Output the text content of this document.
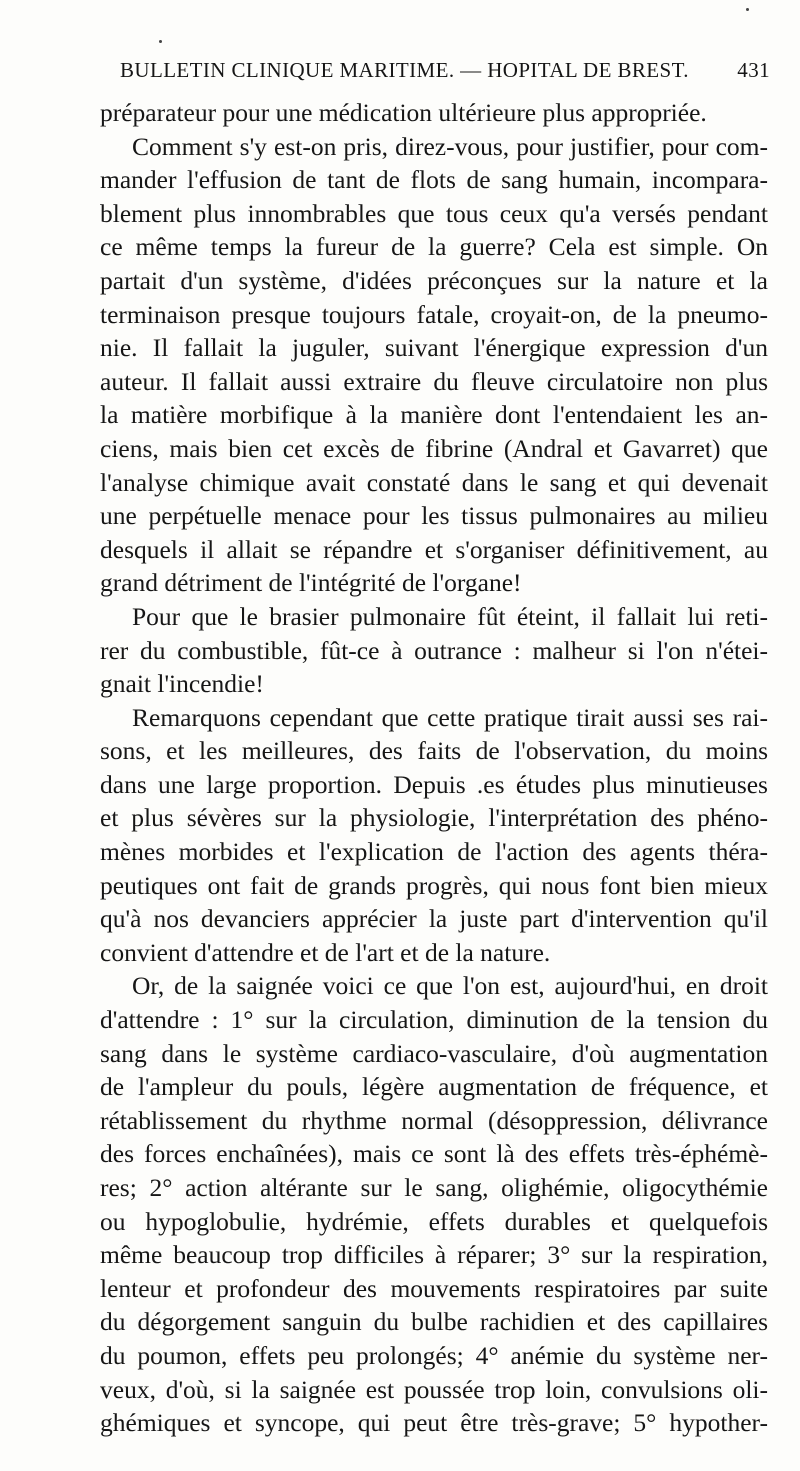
BULLETIN CLINIQUE MARITIME. — HOPITAL DE BREST. 431

préparateur pour une médication ultérieure plus appropriée.

Comment s'y est-on pris, direz-vous, pour justifier, pour com-
mander l'effusion de tant de flots de sang humain, incompara-
blement plus innombrables que tous ceux qu'a versés pendant
ce même temps la fureur de la guerre? Cela est simple. On
partait d'un système, d'idées préconçues sur la nature et la
terminaison presque toujours fatale, croyait-on, de la pneumo-
nie. Il fallait la juguler, suivant l'énergique expression d'un
auteur. Il fallait aussi extraire du fleuve circulatoire non plus
la matière morbifique à la manière dont l'entendaient les an-
ciens, mais bien cet excès de fibrine (Andral et Gavarret) que
l'analyse chimique avait constaté dans le sang et qui devenait
une perpétuelle menace pour les tissus pulmonaires au milieu
desquels il allait se répandre et s'organiser définitivement, au
grand détriment de l'intégrité de l'organe!

Pour que le brasier pulmonaire fût éteint, il fallait lui reti-
rer du combustible, fût-ce à outrance : malheur si l'on n'étei-
gnait l'incendie!

Remarquons cependant que cette pratique tirait aussi ses rai-
sons, et les meilleures, des faits de l'observation, du moins
dans une large proportion. Depuis .es études plus minutieuses
et plus sévères sur la physiologie, l'interprétation des phéno-
mènes morbides et l'explication de l'action des agents théra-
peutiques ont fait de grands progrès, qui nous font bien mieux
qu'à nos devanciers apprécier la juste part d'intervention qu'il
convient d'attendre et de l'art et de la nature.

Or, de la saignée voici ce que l'on est, aujourd'hui, en droit
d'attendre : 1° sur la circulation, diminution de la tension du
sang dans le système cardiaco-vasculaire, d'où augmentation
de l'ampleur du pouls, légère augmentation de fréquence, et
rétablissement du rhythme normal (désoppression, délivrance
des forces enchaînées), mais ce sont là des effets très-éphémè-
res; 2° action altérante sur le sang, olighémie, oligocythémie
ou hypoglobulie, hydrémie, effets durables et quelquefois
même beaucoup trop difficiles à réparer; 3° sur la respiration,
lenteur et profondeur des mouvements respiratoires par suite
du dégorgement sanguin du bulbe rachidien et des capillaires
du poumon, effets peu prolongés; 4° anémie du système ner-
veux, d'où, si la saignée est poussée trop loin, convulsions oli-
ghémiques et syncope, qui peut être très-grave; 5° hypother-
